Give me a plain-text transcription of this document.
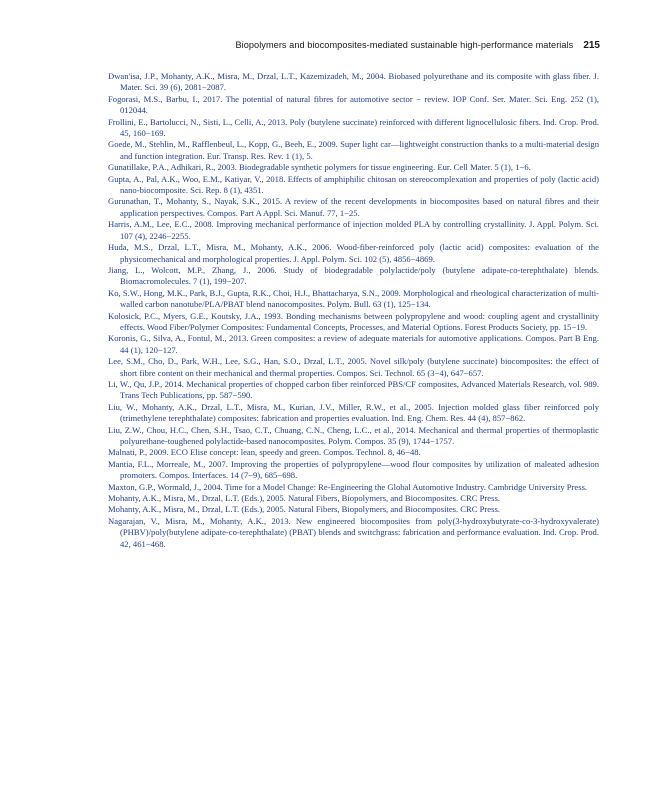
Biopolymers and biocomposites-mediated sustainable high-performance materials 215
Dwan'isa, J.P., Mohanty, A.K., Misra, M., Drzal, L.T., Kazemizadeh, M., 2004. Biobased polyurethane and its composite with glass fiber. J. Mater. Sci. 39 (6), 2081−2087.
Fogorasi, M.S., Barbu, I., 2017. The potential of natural fibres for automotive sector − review. IOP Conf. Ser. Mater. Sci. Eng. 252 (1), 012044.
Frollini, E., Bartolucci, N., Sisti, L., Celli, A., 2013. Poly (butylene succinate) reinforced with different lignocellulosic fibers. Ind. Crop. Prod. 45, 160−169.
Goede, M., Stehlin, M., Rafflenbeul, L., Kopp, G., Beeh, E., 2009. Super light car—lightweight construction thanks to a multi-material design and function integration. Eur. Transp. Res. Rev. 1 (1), 5.
Gunatillake, P.A., Adhikari, R., 2003. Biodegradable synthetic polymers for tissue engineering. Eur. Cell Mater. 5 (1), 1−6.
Gupta, A., Pal, A.K., Woo, E.M., Katiyar, V., 2018. Effects of amphiphilic chitosan on stereocomplexation and properties of poly (lactic acid) nano-biocomposite. Sci. Rep. 8 (1), 4351.
Gurunathan, T., Mohanty, S., Nayak, S.K., 2015. A review of the recent developments in biocomposites based on natural fibres and their application perspectives. Compos. Part A Appl. Sci. Manuf. 77, 1−25.
Harris, A.M., Lee, E.C., 2008. Improving mechanical performance of injection molded PLA by controlling crystallinity. J. Appl. Polym. Sci. 107 (4), 2246−2255.
Huda, M.S., Drzal, L.T., Misra, M., Mohanty, A.K., 2006. Wood-fiber-reinforced poly (lactic acid) composites: evaluation of the physicomechanical and morphological properties. J. Appl. Polym. Sci. 102 (5), 4856−4869.
Jiang, L., Wolcott, M.P., Zhang, J., 2006. Study of biodegradable polylactide/poly (butylene adipate-co-terephthalate) blends. Biomacromolecules. 7 (1), 199−207.
Ko, S.W., Hong, M.K., Park, B.J., Gupta, R.K., Choi, H.J., Bhattacharya, S.N., 2009. Morphological and rheological characterization of multi-walled carbon nanotube/PLA/PBAT blend nanocomposites. Polym. Bull. 63 (1), 125−134.
Kolosick, P.C., Myers, G.E., Koutsky, J.A., 1993. Bonding mechanisms between polypropylene and wood: coupling agent and crystallinity effects. Wood Fiber/Polymer Composites: Fundamental Concepts, Processes, and Material Options. Forest Products Society, pp. 15−19.
Koronis, G., Silva, A., Fontul, M., 2013. Green composites: a review of adequate materials for automotive applications. Compos. Part B Eng. 44 (1), 120−127.
Lee, S.M., Cho, D., Park, W.H., Lee, S.G., Han, S.O., Drzal, L.T., 2005. Novel silk/poly (butylene succinate) biocomposites: the effect of short fibre content on their mechanical and thermal properties. Compos. Sci. Technol. 65 (3−4), 647−657.
Li, W., Qu, J.P., 2014. Mechanical properties of chopped carbon fiber reinforced PBS/CF composites, Advanced Materials Research, vol. 989. Trans Tech Publications, pp. 587−590.
Liu, W., Mohanty, A.K., Drzal, L.T., Misra, M., Kurian, J.V., Miller, R.W., et al., 2005. Injection molded glass fiber reinforced poly (trimethylene terephthalate) composites: fabrication and properties evaluation. Ind. Eng. Chem. Res. 44 (4), 857−862.
Liu, Z.W., Chou, H.C., Chen, S.H., Tsao, C.T., Chuang, C.N., Cheng, L.C., et al., 2014. Mechanical and thermal properties of thermoplastic polyurethane-toughened polylactide-based nanocomposites. Polym. Compos. 35 (9), 1744−1757.
Malnati, P., 2009. ECO Elise concept: lean, speedy and green. Compos. Technol. 8, 46−48.
Mantia, F.L., Morreale, M., 2007. Improving the properties of polypropylene—wood flour composites by utilization of maleated adhesion promoters. Compos. Interfaces. 14 (7−9), 685−698.
Maxton, G.P., Wormald, J., 2004. Time for a Model Change: Re-Engineering the Global Automotive Industry. Cambridge University Press.
Mohanty, A.K., Misra, M., Drzal, L.T. (Eds.), 2005. Natural Fibers, Biopolymers, and Biocomposites. CRC Press.
Mohanty, A.K., Misra, M., Drzal, L.T. (Eds.), 2005. Natural Fibers, Biopolymers, and Biocomposites. CRC Press.
Nagarajan, V., Misra, M., Mohanty, A.K., 2013. New engineered biocomposites from poly(3-hydroxybutyrate-co-3-hydroxyvalerate) (PHBV)/poly(butylene adipate-co-terephthalate) (PBAT) blends and switchgrass: fabrication and performance evaluation. Ind. Crop. Prod. 42, 461−468.
